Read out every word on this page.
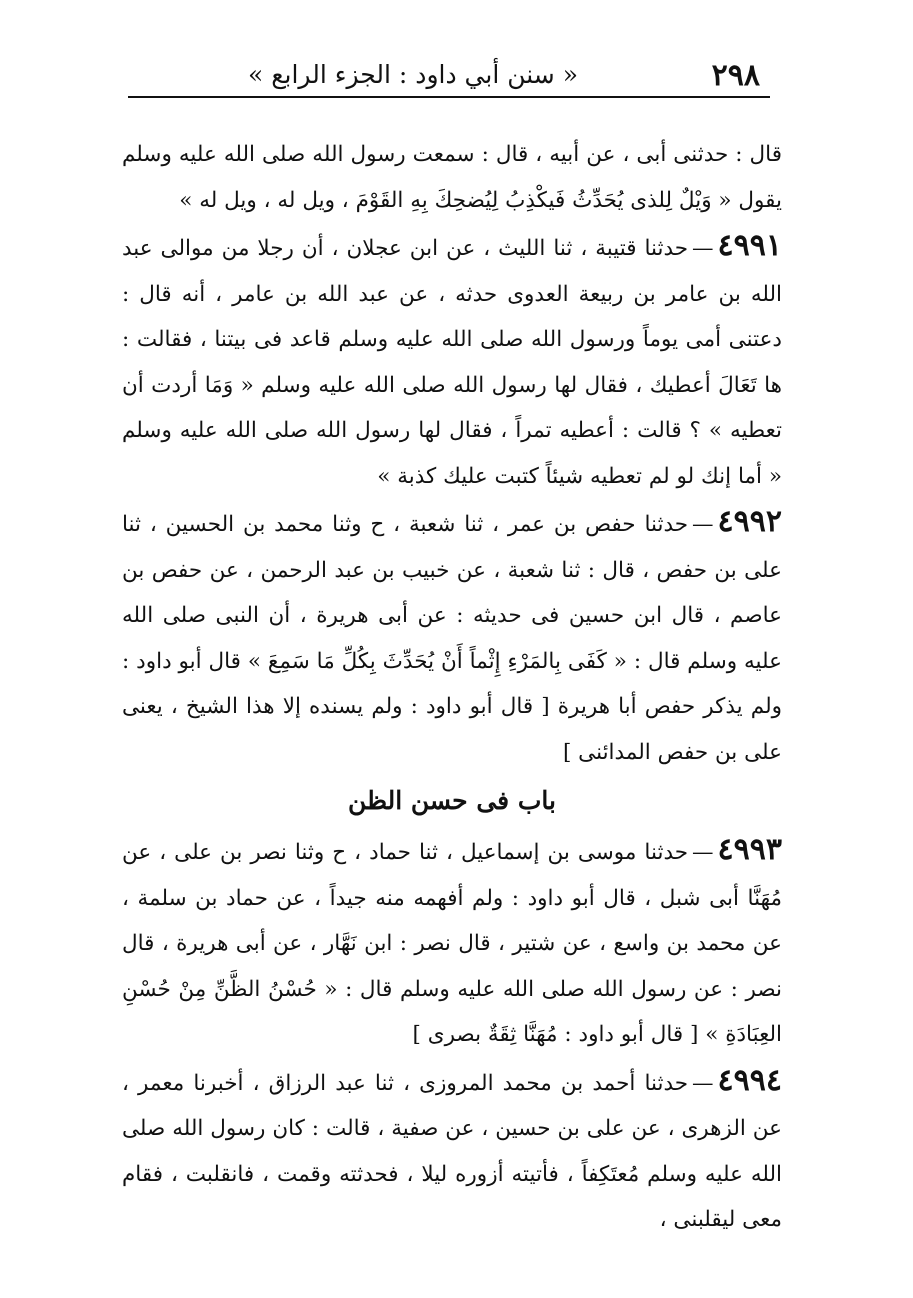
٢٩٨
« سنن أبي داود : الجزء الرابع »

قال : حدثنى أبى ، عن أبيه ، قال : سمعت رسول الله صلى الله عليه وسلم يقول « وَيْلٌ لِلذى يُحَدِّثُ فَيكْذِبُ لِيُضحِكَ بِهِ القَوْمَ ، ويل له ، ويل له »

٤٩٩١—حدثنا قتيبة ، ثنا الليث ، عن ابن عجلان ، أن رجلا من موالى عبد الله بن عامر بن ربيعة العدوى حدثه ، عن عبد الله بن عامر ، أنه قال : دعتنى أمى يوماً ورسول الله صلى الله عليه وسلم قاعد فى بيتنا ، فقالت : ها تَعَالَ أعطيك ، فقال لها رسول الله صلى الله عليه وسلم « وَمَا أردت أن تعطيه » ؟ قالت : أعطيه تمراً ، فقال لها رسول الله صلى الله عليه وسلم « أما إنك لو لم تعطيه شيئاً كتبت عليك كذبة »

٤٩٩٢—حدثنا حفص بن عمر ، ثنا شعبة ، ح وثنا محمد بن الحسين ، ثنا على بن حفص ، قال : ثنا شعبة ، عن خبيب بن عبد الرحمن ، عن حفص بن عاصم ، قال ابن حسين فى حديثه : عن أبى هريرة ، أن النبى صلى الله عليه وسلم قال : « كَفَى بِالمَرْءِ إِثْماً أَنْ يُحَدِّثَ بِكُلِّ مَا سَمِعَ » قال أبو داود : ولم يذكر حفص أبا هريرة [ قال أبو داود : ولم يسنده إلا هذا الشيخ ، يعنى على بن حفص المدائنى ]

باب فى حسن الظن

٤٩٩٣—حدثنا موسى بن إسماعيل ، ثنا حماد ، ح وثنا نصر بن على ، عن مُهَنَّا أبى شبل ، قال أبو داود : ولم أفهمه منه جيداً ، عن حماد بن سلمة ، عن محمد بن واسع ، عن شتير ، قال نصر : ابن نَهَّار ، عن أبى هريرة ، قال نصر : عن رسول الله صلى الله عليه وسلم قال : « حُسْنُ الظَّنِّ مِنْ حُسْنِ العِبَادَةِ » [ قال أبو داود : مُهَنَّا ثِقَةٌ بصرى ]

٤٩٩٤—حدثنا أحمد بن محمد المروزى ، ثنا عبد الرزاق ، أخبرنا معمر ، عن الزهرى ، عن على بن حسين ، عن صفية ، قالت : كان رسول الله صلى الله عليه وسلم مُعتَكِفاً ، فأتيته أزوره ليلا ، فحدثته وقمت ، فانقلبت ، فقام معى ليقلبنى ،
